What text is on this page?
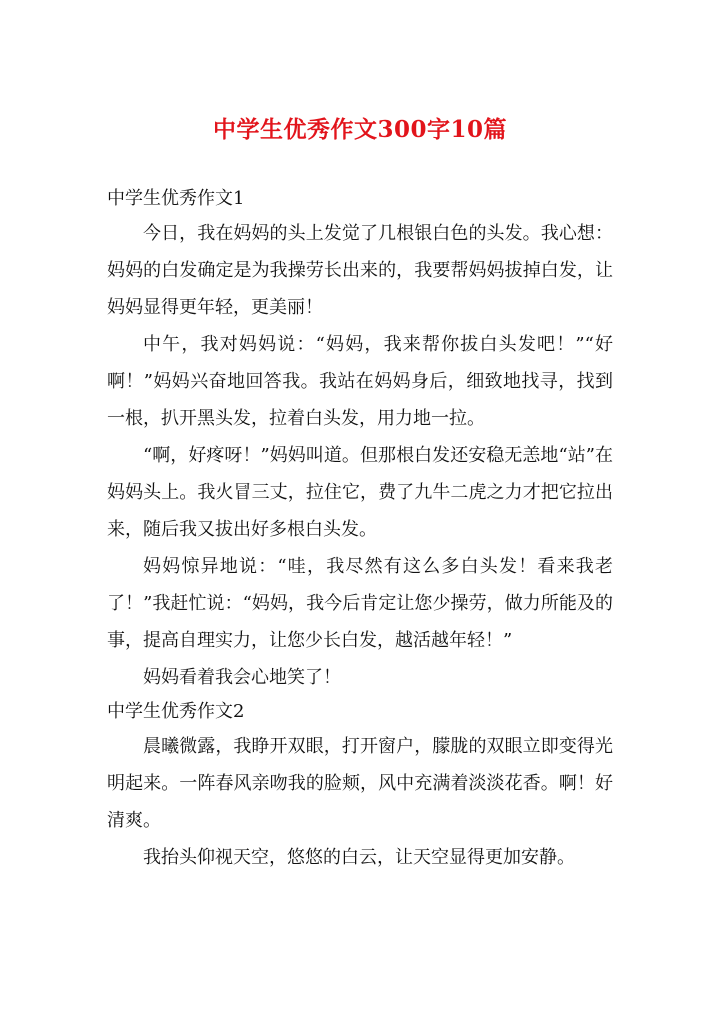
中学生优秀作文300字10篇
中学生优秀作文1

今日，我在妈妈的头上发觉了几根银白色的头发。我心想：妈妈的白发确定是为我操劳长出来的，我要帮妈妈拔掉白发，让妈妈显得更年轻，更美丽！

中午，我对妈妈说：“妈妈，我来帮你拔白头发吧！”“好啊！”妈妈兴奋地回答我。我站在妈妈身后，细致地找寻，找到一根，扒开黑头发，拉着白头发，用力地一拉。

“啊，好疼呀！”妈妈叫道。但那根白发还安稳无恙地“站”在妈妈头上。我火冒三丈，拉住它，费了九牛二虎之力才把它拉出来，随后我又拔出好多根白头发。

妈妈惊异地说：“哇，我尽然有这么多白头发！看来我老了！”我赶忙说：“妈妈，我今后肯定让您少操劳，做力所能及的事，提高自理实力，让您少长白发，越活越年轻！”

妈妈看着我会心地笑了！

中学生优秀作文2

晨曦微露，我睁开双眼，打开窗户，朦胧的双眼立即变得光明起来。一阵春风亲吻我的脸颊，风中充满着淡淡花香。啊！好清爽。

我抬头仰视天空，悠悠的白云，让天空显得更加安静。
